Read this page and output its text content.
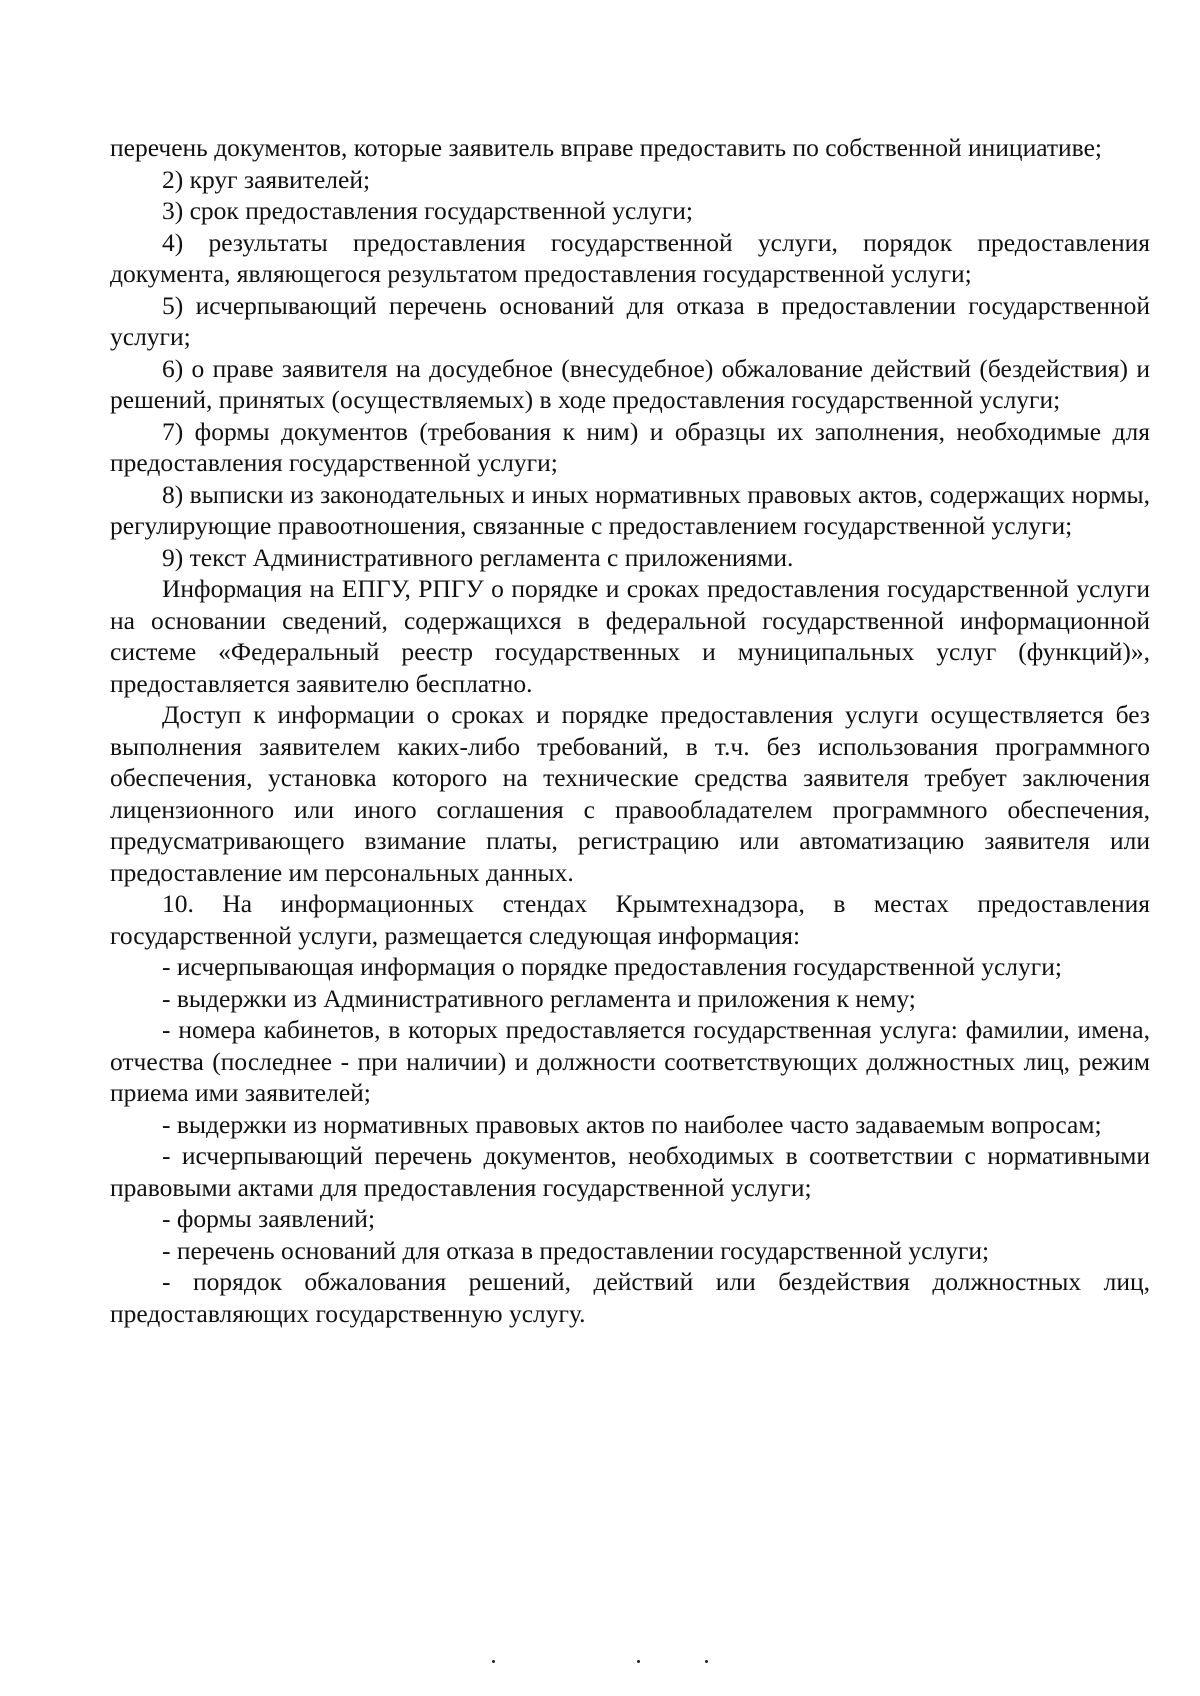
перечень документов, которые заявитель вправе предоставить по собственной инициативе;

2) круг заявителей;

3) срок предоставления государственной услуги;

4) результаты предоставления государственной услуги, порядок предоставления документа, являющегося результатом предоставления государственной услуги;

5) исчерпывающий перечень оснований для отказа в предоставлении государственной услуги;

6) о праве заявителя на досудебное (внесудебное) обжалование действий (бездействия) и решений, принятых (осуществляемых) в ходе предоставления государственной услуги;

7) формы документов (требования к ним) и образцы их заполнения, необходимые для предоставления государственной услуги;

8) выписки из законодательных и иных нормативных правовых актов, содержащих нормы, регулирующие правоотношения, связанные с предоставлением государственной услуги;

9) текст Административного регламента с приложениями.

Информация на ЕПГУ, РПГУ о порядке и сроках предоставления государственной услуги на основании сведений, содержащихся в федеральной государственной информационной системе «Федеральный реестр государственных и муниципальных услуг (функций)», предоставляется заявителю бесплатно.

Доступ к информации о сроках и порядке предоставления услуги осуществляется без выполнения заявителем каких-либо требований, в т.ч. без использования программного обеспечения, установка которого на технические средства заявителя требует заключения лицензионного или иного соглашения с правообладателем программного обеспечения, предусматривающего взимание платы, регистрацию или автоматизацию заявителя или предоставление им персональных данных.

10. На информационных стендах Крымтехнадзора, в местах предоставления государственной услуги, размещается следующая информация:

- исчерпывающая информация о порядке предоставления государственной услуги;

- выдержки из Административного регламента и приложения к нему;

- номера кабинетов, в которых предоставляется государственная услуга: фамилии, имена, отчества (последнее - при наличии) и должности соответствующих должностных лиц, режим приема ими заявителей;

- выдержки из нормативных правовых актов по наиболее часто задаваемым вопросам;

- исчерпывающий перечень документов, необходимых в соответствии с нормативными правовыми актами для предоставления государственной услуги;

- формы заявлений;

- перечень оснований для отказа в предоставлении государственной услуги;

- порядок обжалования решений, действий или бездействия должностных лиц, предоставляющих государственную услугу.
